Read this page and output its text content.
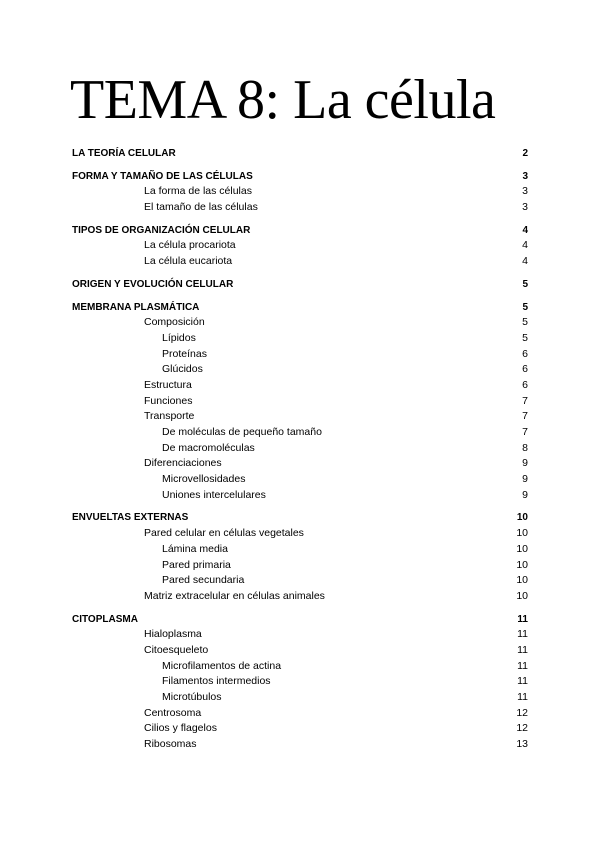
TEMA 8: La célula
LA TEORÍA CELULAR	2
FORMA Y TAMAÑO DE LAS CÉLULAS	3
La forma de las células	3
El tamaño de las células	3
TIPOS DE ORGANIZACIÓN CELULAR	4
La célula procariota	4
La célula eucariota	4
ORIGEN Y EVOLUCIÓN CELULAR	5
MEMBRANA PLASMÁTICA	5
Composición	5
Lípidos	5
Proteínas	6
Glúcidos	6
Estructura	6
Funciones	7
Transporte	7
De moléculas de pequeño tamaño	7
De macromoléculas	8
Diferenciaciones	9
Microvellosidades	9
Uniones intercelulares	9
ENVUELTAS EXTERNAS	10
Pared celular en células vegetales	10
Lámina media	10
Pared primaria	10
Pared secundaria	10
Matriz extracelular en células animales	10
CITOPLASMA	11
Hialoplasma	11
Citoesqueleto	11
Microfilamentos de actina	11
Filamentos intermedios	11
Microtúbulos	11
Centrosoma	12
Cilios y flagelos	12
Ribosomas	13
